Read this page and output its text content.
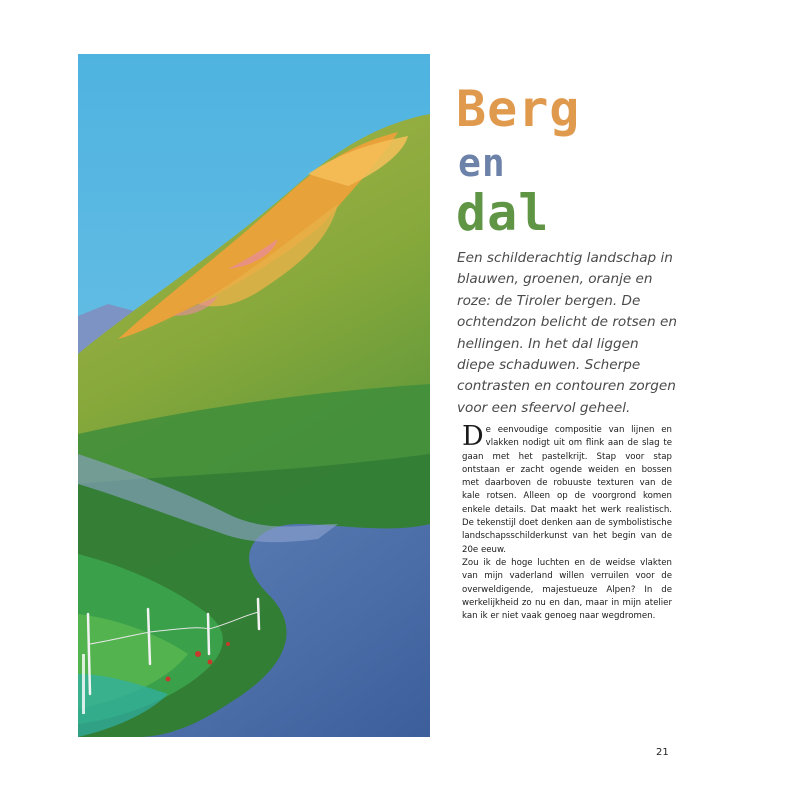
Berg
en
dal
Een schilderachtig landschap in blauwen, groenen, oranje en roze: de Tiroler bergen. De ochtendzon belicht de rotsen en hellingen. In het dal liggen diepe schaduwen. Scherpe contrasten en contouren zorgen voor een sfeervol geheel.

De eenvoudige compositie van lijnen en vlakken nodigt uit om flink aan de slag te gaan met het pastelkrijt. Stap voor stap ontstaan er zacht ogende weiden en bossen met daarboven de robuuste texturen van de kale rotsen. Alleen op de voorgrond komen enkele details. Dat maakt het werk realistisch. De tekenstijl doet denken aan de symbolistische landschapsschilderkunst van het begin van de 20e eeuw.

Zou ik de hoge luchten en de weidse vlakten van mijn vaderland willen verruilen voor de overweldigende, majestueuze Alpen? In de werkelijkheid zo nu en dan, maar in mijn atelier kan ik er niet vaak genoeg naar wegdromen.

21
